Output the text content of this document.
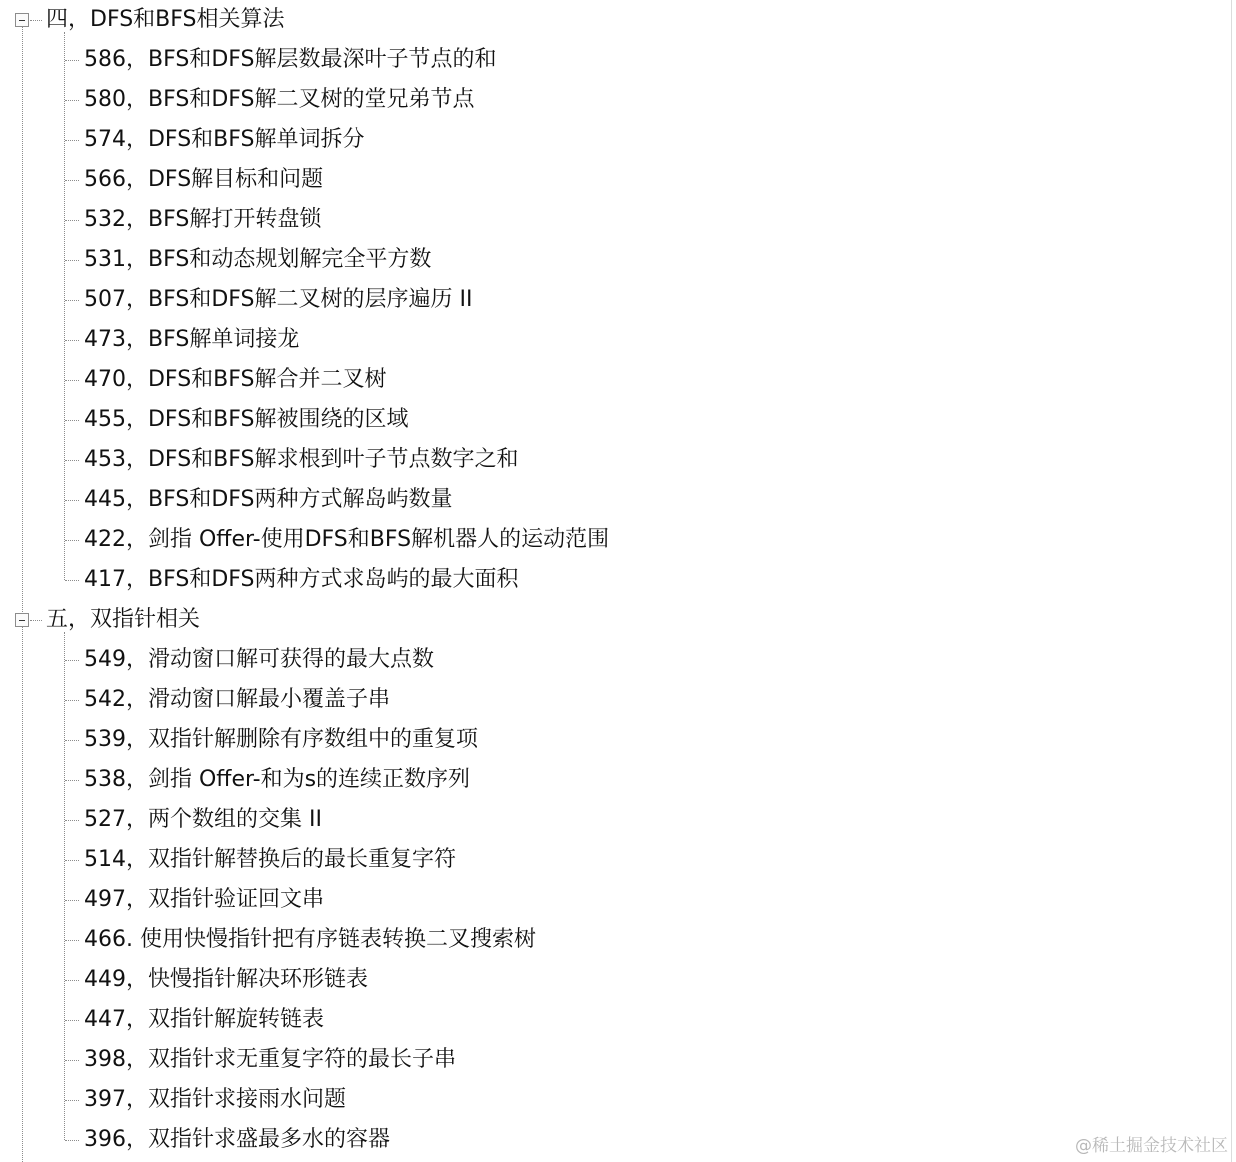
四，DFS和BFS相关算法
586，BFS和DFS解层数最深叶子节点的和
580，BFS和DFS解二叉树的堂兄弟节点
574，DFS和BFS解单词拆分
566，DFS解目标和问题
532，BFS解打开转盘锁
531，BFS和动态规划解完全平方数
507，BFS和DFS解二叉树的层序遍历 II
473，BFS解单词接龙
470，DFS和BFS解合并二叉树
455，DFS和BFS解被围绕的区域
453，DFS和BFS解求根到叶子节点数字之和
445，BFS和DFS两种方式解岛屿数量
422，剑指 Offer-使用DFS和BFS解机器人的运动范围
417，BFS和DFS两种方式求岛屿的最大面积
五，双指针相关
549，滑动窗口解可获得的最大点数
542，滑动窗口解最小覆盖子串
539，双指针解删除有序数组中的重复项
538，剑指 Offer-和为s的连续正数序列
527，两个数组的交集 II
514，双指针解替换后的最长重复字符
497，双指针验证回文串
466. 使用快慢指针把有序链表转换二叉搜索树
449，快慢指针解决环形链表
447，双指针解旋转链表
398，双指针求无重复字符的最长子串
397，双指针求接雨水问题
396，双指针求盛最多水的容器	@稀土掘金技术社区
